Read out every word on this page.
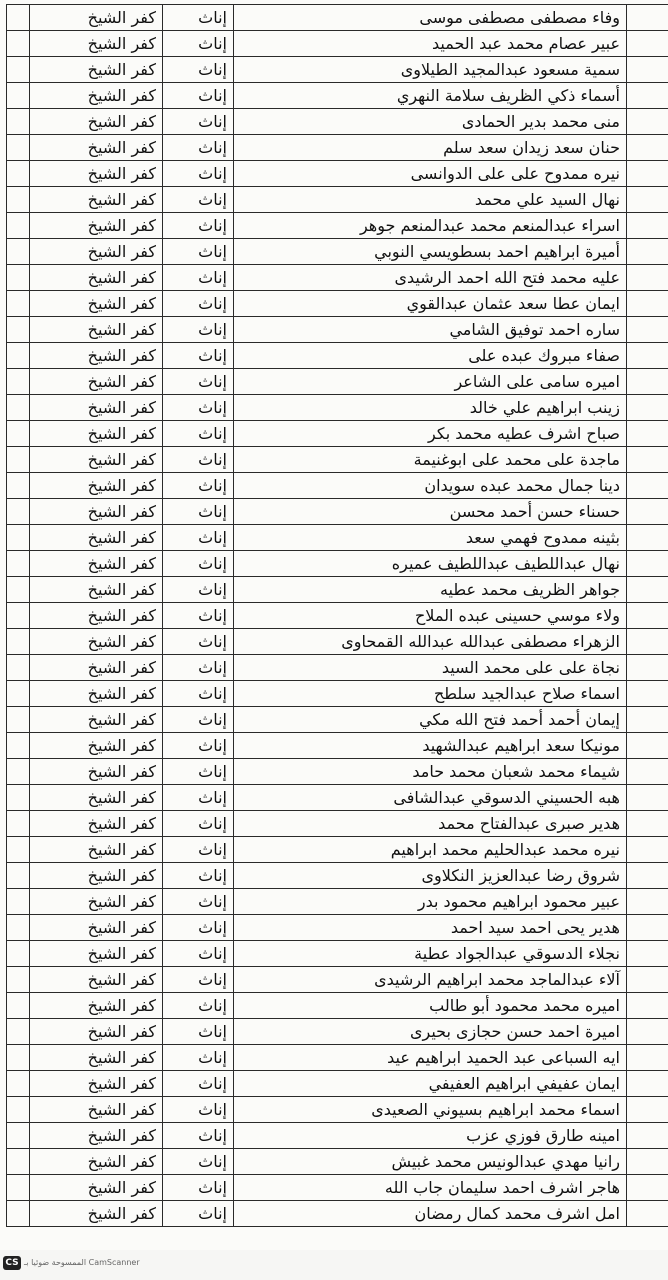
	وفاء مصطفى مصطفى موسى	إناث	كفر الشيخ	
	عبير عصام محمد عبد الحميد	إناث	كفر الشيخ	
	سمية مسعود عبدالمجيد الطيلاوى	إناث	كفر الشيخ	
	أسماء ذكي الظريف سلامة النهري	إناث	كفر الشيخ	
	منى محمد بدير الحمادى	إناث	كفر الشيخ	
	حنان سعد زيدان سعد سلم	إناث	كفر الشيخ	
	نيره ممدوح على على الدوانسى	إناث	كفر الشيخ	
	نهال السيد علي محمد	إناث	كفر الشيخ	
	اسراء عبدالمنعم محمد عبدالمنعم جوهر	إناث	كفر الشيخ	
	أميرة ابراهيم احمد بسطويسي النوبي	إناث	كفر الشيخ	
	عليه محمد فتح الله احمد الرشيدى	إناث	كفر الشيخ	
	ايمان عطا سعد عثمان عبدالقوي	إناث	كفر الشيخ	
	ساره احمد توفيق الشامي	إناث	كفر الشيخ	
	صفاء مبروك عبده على	إناث	كفر الشيخ	
	اميره سامى على الشاعر	إناث	كفر الشيخ	
	زينب ابراهيم علي خالد	إناث	كفر الشيخ	
	صباح اشرف عطيه محمد بكر	إناث	كفر الشيخ	
	ماجدة على محمد على ابوغنيمة	إناث	كفر الشيخ	
	دينا جمال محمد عبده سويدان	إناث	كفر الشيخ	
	حسناء حسن أحمد محسن	إناث	كفر الشيخ	
	بثينه ممدوح فهمي سعد	إناث	كفر الشيخ	
	نهال عبداللطيف عبداللطيف عميره	إناث	كفر الشيخ	
	جواهر الظريف محمد عطيه	إناث	كفر الشيخ	
	ولاء موسي حسينى عبده الملاح	إناث	كفر الشيخ	
	الزهراء مصطفى عبدالله عبدالله القمحاوى	إناث	كفر الشيخ	
	نجاة على على محمد السيد	إناث	كفر الشيخ	
	اسماء صلاح عبدالجيد سلطح	إناث	كفر الشيخ	
	إيمان أحمد أحمد فتح الله مكي	إناث	كفر الشيخ	
	مونيكا سعد ابراهيم عبدالشهيد	إناث	كفر الشيخ	
	شيماء محمد شعبان محمد حامد	إناث	كفر الشيخ	
	هبه الحسيني الدسوقي عبدالشافى	إناث	كفر الشيخ	
	هدير صبرى عبدالفتاح محمد	إناث	كفر الشيخ	
	نيره محمد عبدالحليم محمد ابراهيم	إناث	كفر الشيخ	
	شروق رضا عبدالعزيز النكلاوى	إناث	كفر الشيخ	
	عبير محمود ابراهيم محمود بدر	إناث	كفر الشيخ	
	هدير يحى احمد سيد احمد	إناث	كفر الشيخ	
	نجلاء الدسوقي عبدالجواد عطية	إناث	كفر الشيخ	
	آلاء عبدالماجد محمد ابراهيم الرشيدى	إناث	كفر الشيخ	
	اميره محمد محمود أبو طالب	إناث	كفر الشيخ	
	اميرة احمد حسن حجازى بحيرى	إناث	كفر الشيخ	
	ايه السباعى عبد الحميد ابراهيم عيد	إناث	كفر الشيخ	
	ايمان عفيفي ابراهيم العفيفي	إناث	كفر الشيخ	
	اسماء محمد ابراهيم بسيوني الصعيدى	إناث	كفر الشيخ	
	امينه طارق فوزي عزب	إناث	كفر الشيخ	
	رانيا مهدي عبدالونيس محمد غبيش	إناث	كفر الشيخ	
	هاجر اشرف احمد سليمان جاب الله	إناث	كفر الشيخ	
	امل اشرف محمد كمال رمضان	إناث	كفر الشيخ	
CS CamScanner الممسوحة ضوئيا بـ
